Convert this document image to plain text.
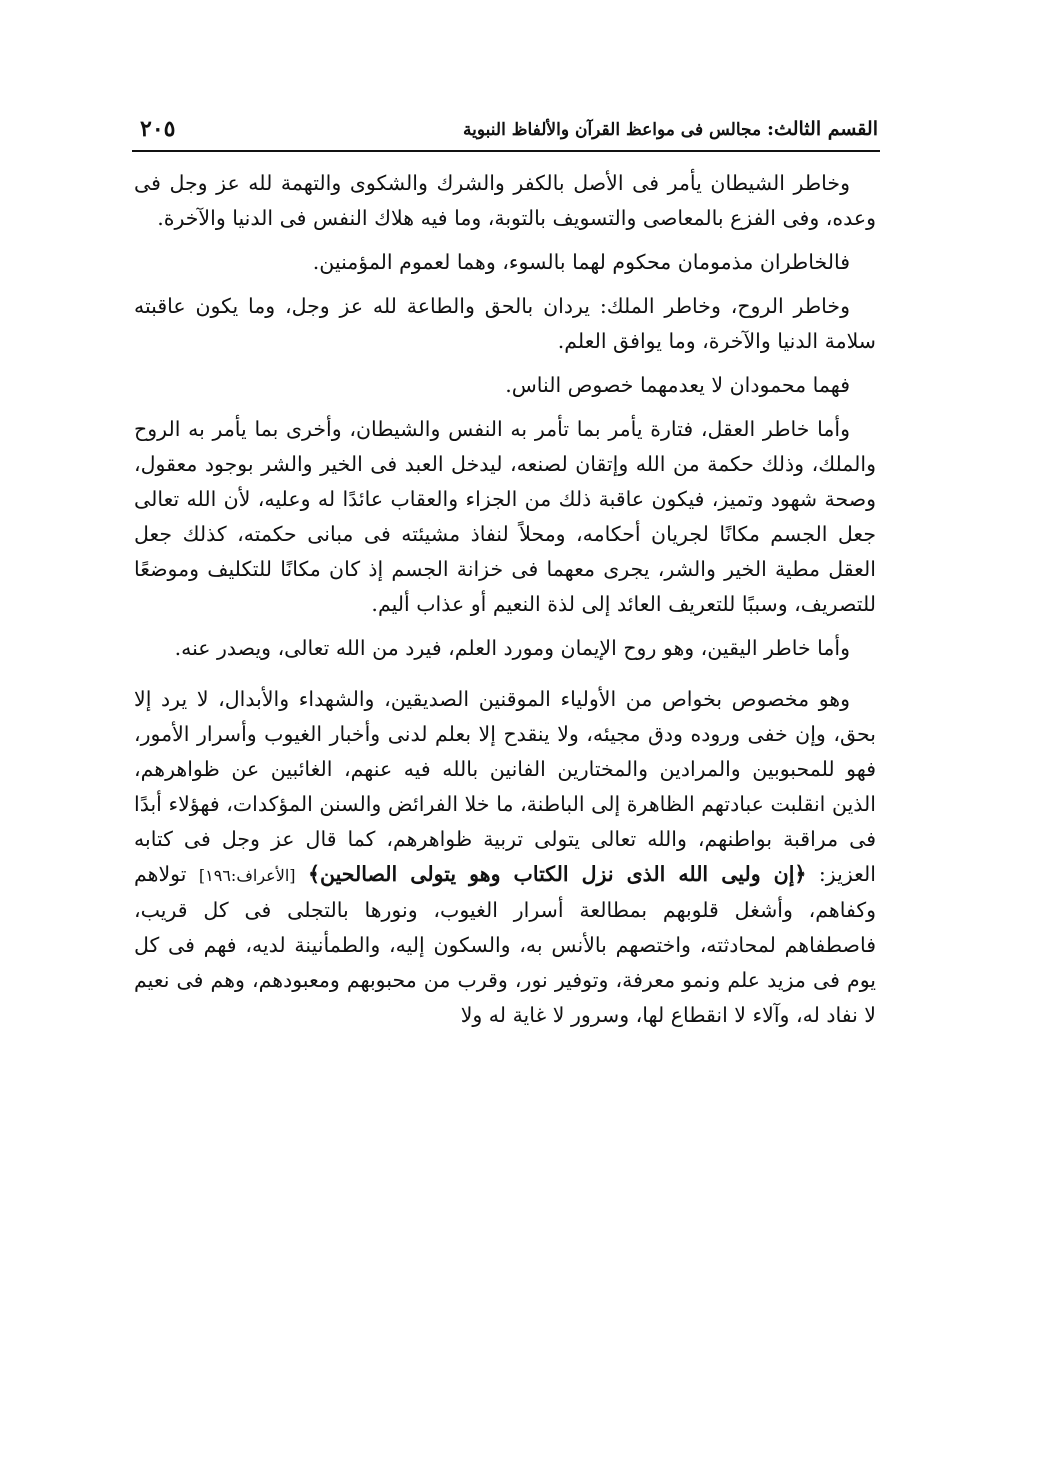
القسم الثالث: مجالس فى مواعظ القرآن والألفاظ النبوية
٢٠٥

وخاطر الشيطان يأمر فى الأصل بالكفر والشرك والشكوى والتهمة لله عز وجل فى وعده، وفى الفزع بالمعاصى والتسويف بالتوبة، وما فيه هلاك النفس فى الدنيا والآخرة.

فالخاطران مذمومان محكوم لهما بالسوء، وهما لعموم المؤمنين.

وخاطر الروح، وخاطر الملك: يردان بالحق والطاعة لله عز وجل، وما يكون عاقبته سلامة الدنيا والآخرة، وما يوافق العلم.

فهما محمودان لا يعدمهما خصوص الناس.

وأما خاطر العقل، فتارة يأمر بما تأمر به النفس والشيطان، وأخرى بما يأمر به الروح والملك، وذلك حكمة من الله وإتقان لصنعه، ليدخل العبد فى الخير والشر بوجود معقول، وصحة شهود وتميز، فيكون عاقبة ذلك من الجزاء والعقاب عائدًا له وعليه، لأن الله تعالى جعل الجسم مكانًا لجريان أحكامه، ومحلاً لنفاذ مشيئته فى مبانى حكمته، كذلك جعل العقل مطية الخير والشر، يجرى معهما فى خزانة الجسم إذ كان مكانًا للتكليف وموضعًا للتصريف، وسببًا للتعريف العائد إلى لذة النعيم أو عذاب أليم.

وأما خاطر اليقين، وهو روح الإيمان ومورد العلم، فيرد من الله تعالى، ويصدر عنه.

وهو مخصوص بخواص من الأولياء الموقنين الصديقين، والشهداء والأبدال، لا يرد إلا بحق، وإن خفى وروده ودق مجيئه، ولا ينقدح إلا بعلم لدنى وأخبار الغيوب وأسرار الأمور، فهو للمحبوبين والمرادين والمختارين الفانين بالله فيه عنهم، الغائبين عن ظواهرهم، الذين انقلبت عبادتهم الظاهرة إلى الباطنة، ما خلا الفرائض والسنن المؤكدات، فهؤلاء أبدًا فى مراقبة بواطنهم، والله تعالى يتولى تربية ظواهرهم، كما قال عز وجل فى كتابه العزيز: ﴿إن وليى الله الذى نزل الكتاب وهو يتولى الصالحين﴾ [الأعراف:١٩٦] تولاهم وكفاهم، وأشغل قلوبهم بمطالعة أسرار الغيوب، ونورها بالتجلى فى كل قريب، فاصطفاهم لمحادثته، واختصهم بالأنس به، والسكون إليه، والطمأنينة لديه، فهم فى كل يوم فى مزيد علم ونمو معرفة، وتوفير نور، وقرب من محبوبهم ومعبودهم، وهم فى نعيم لا نفاد له، وآلاء لا انقطاع لها، وسرور لا غاية له ولا
